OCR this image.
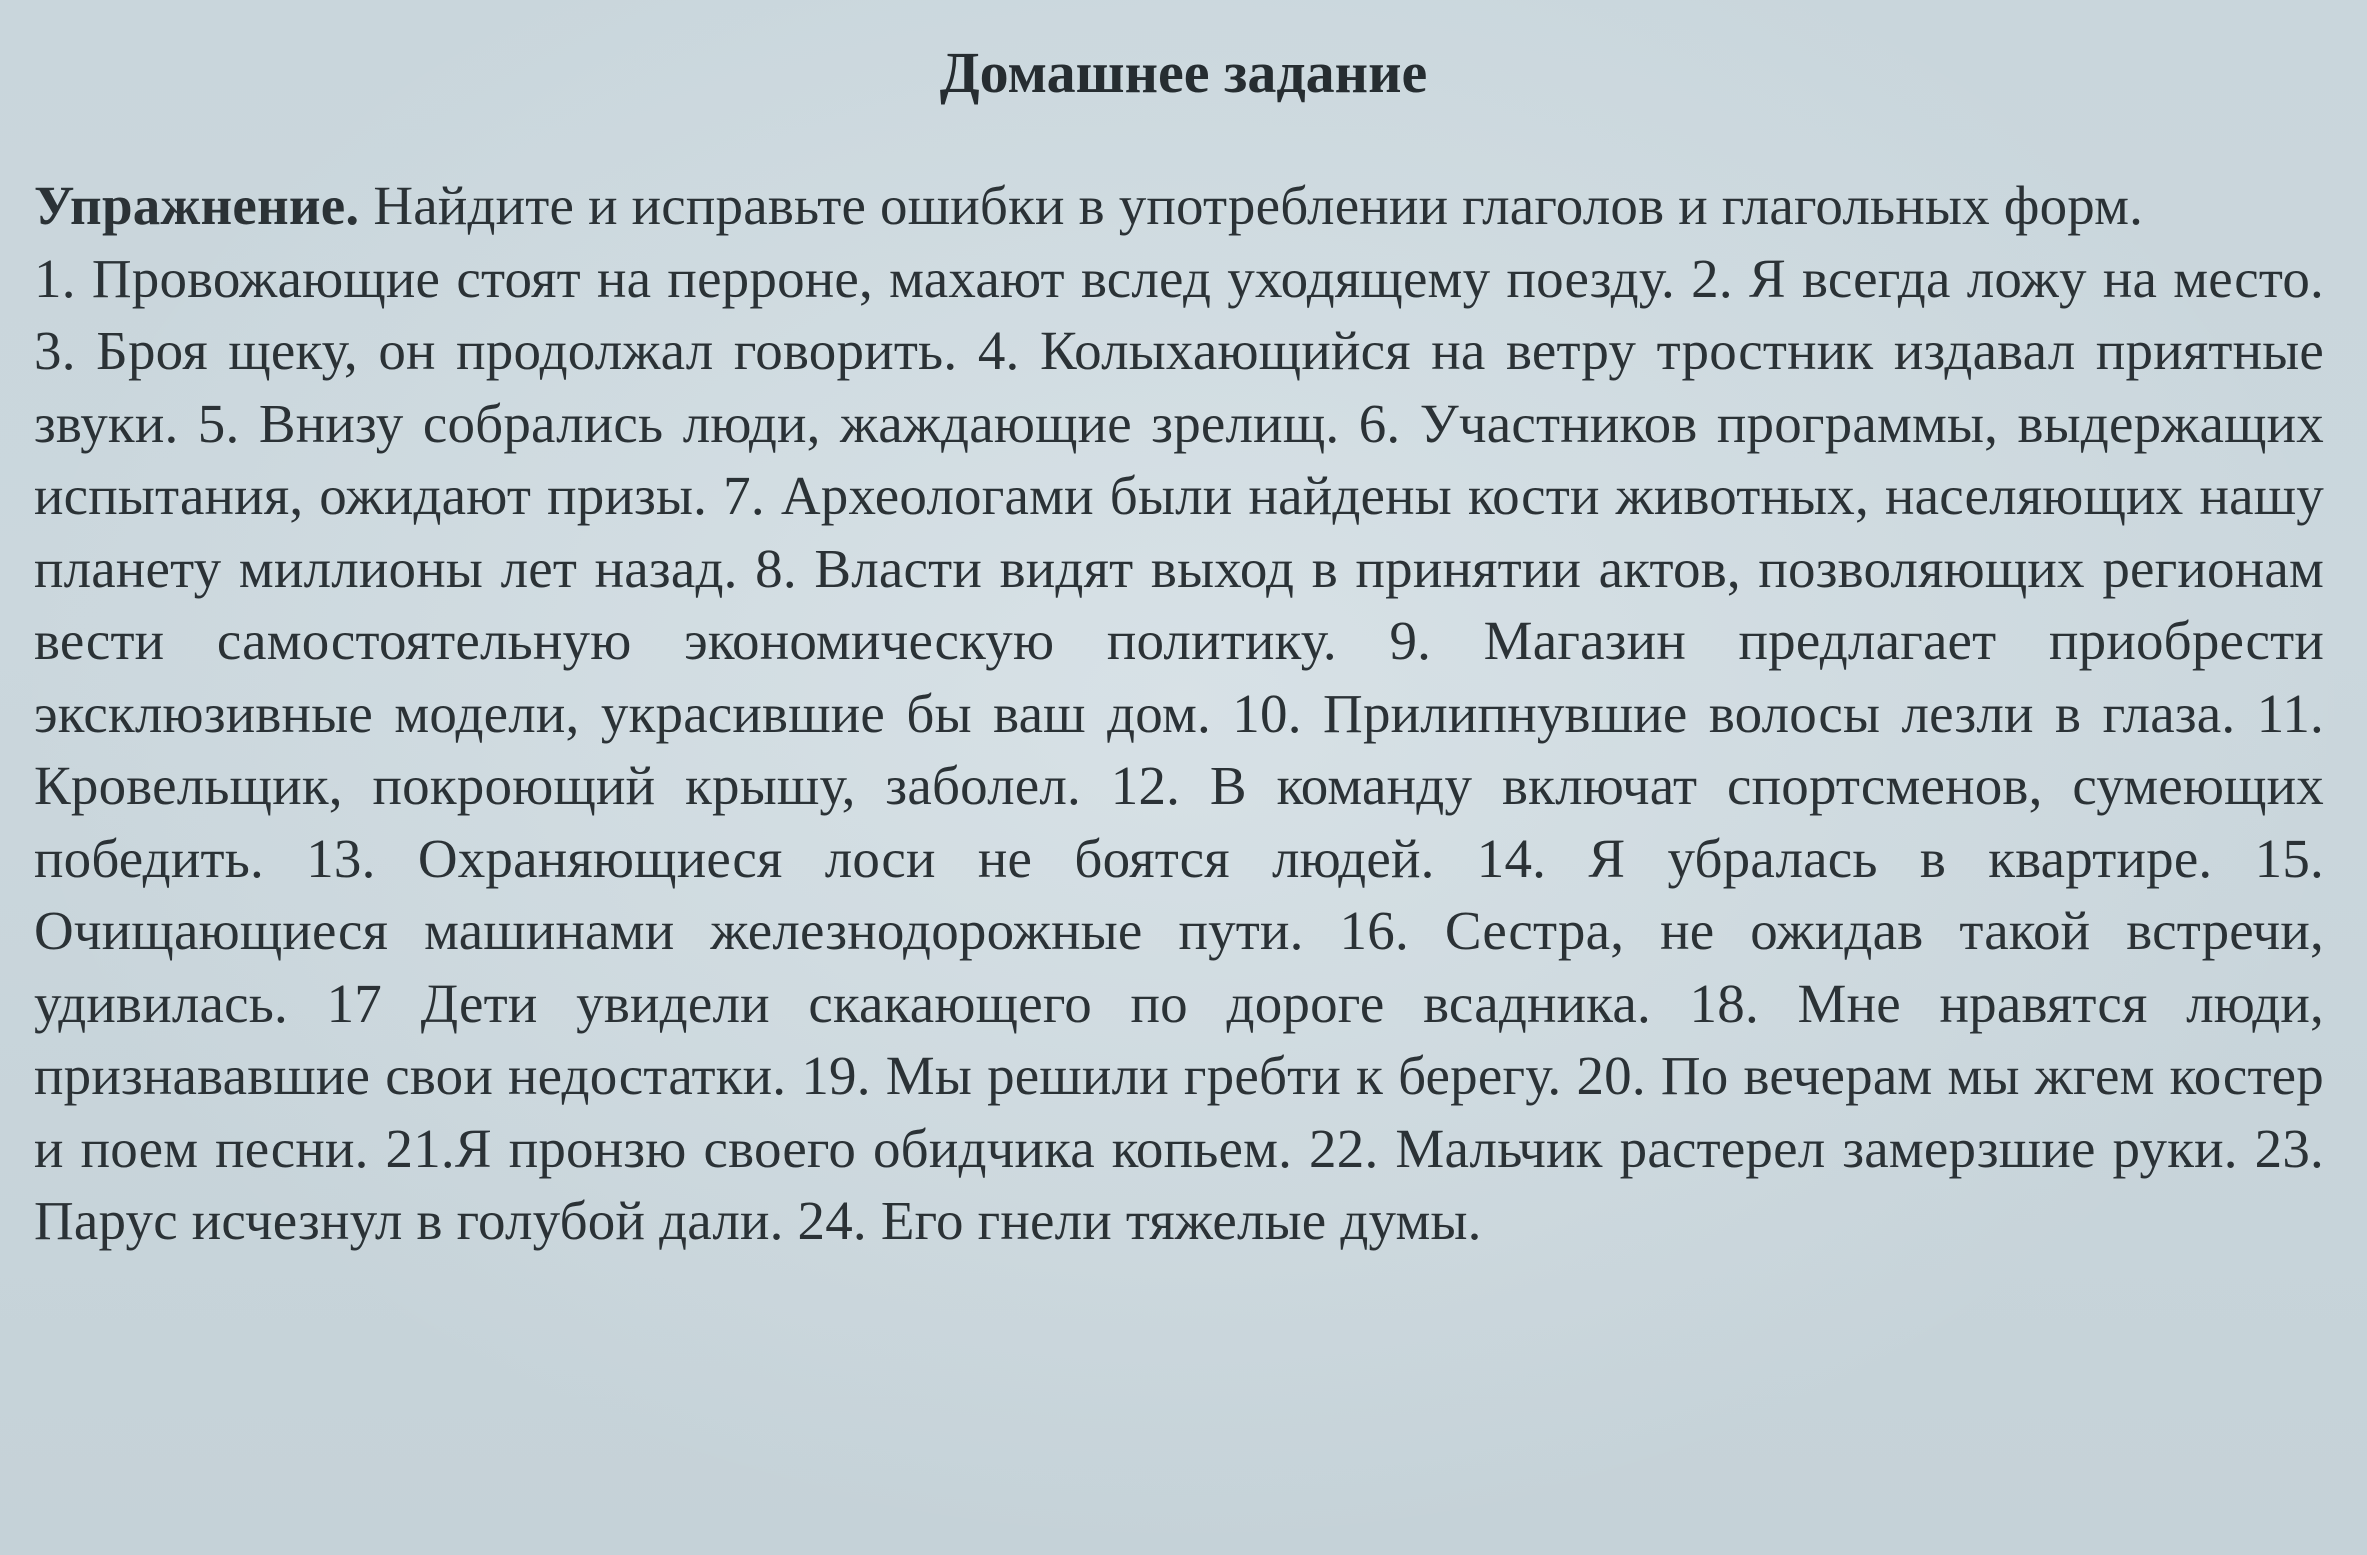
Домашнее задание

Упражнение. Найдите и исправьте ошибки в употреблении глаголов и глагольных форм.
1. Провожающие стоят на перроне, махают вслед уходящему поезду. 2. Я всегда ложу на место. 3. Броя щеку, он продолжал говорить. 4. Колыхающийся на ветру тростник издавал приятные звуки. 5. Внизу собрались люди, жаждающие зрелищ. 6. Участников программы, выдержащих испытания, ожидают призы. 7. Археологами были найдены кости животных, населяющих нашу планету миллионы лет назад. 8. Власти видят выход в принятии актов, позволяющих регионам вести самостоятельную экономическую политику. 9. Магазин предлагает приобрести эксклюзивные модели, украсившие бы ваш дом. 10. Прилипнувшие волосы лезли в глаза. 11. Кровельщик, покроющий крышу, заболел. 12. В команду включат спортсменов, сумеющих победить. 13. Охраняющиеся лоси не боятся людей. 14. Я убралась в квартире. 15. Очищающиеся машинами железнодорожные пути. 16. Сестра, не ожидав такой встречи, удивилась. 17 Дети увидели скакающего по дороге всадника. 18. Мне нравятся люди, признававшие свои недостатки. 19. Мы решили гребти к берегу. 20. По вечерам мы жгем костер и поем песни. 21.Я пронзю своего обидчика копьем. 22. Мальчик растерел замерзшие руки. 23. Парус исчезнул в голубой дали. 24. Его гнели тяжелые думы.
